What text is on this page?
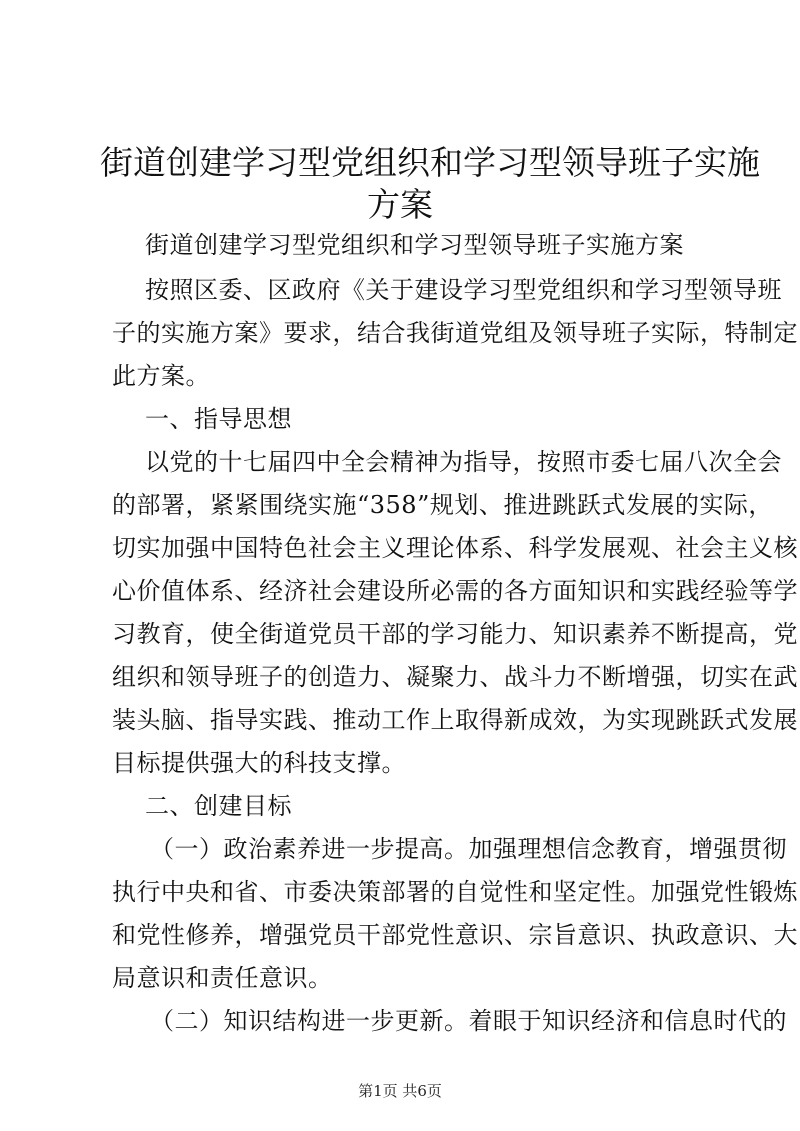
街道创建学习型党组织和学习型领导班子实施
方案
街道创建学习型党组织和学习型领导班子实施方案
按照区委、区政府《关于建设学习型党组织和学习型领导班
子的实施方案》要求，结合我街道党组及领导班子实际，特制定
此方案。
一、指导思想
以党的十七届四中全会精神为指导，按照市委七届八次全会
的部署，紧紧围绕实施“358”规划、推进跳跃式发展的实际，
切实加强中国特色社会主义理论体系、科学发展观、社会主义核
心价值体系、经济社会建设所必需的各方面知识和实践经验等学
习教育，使全街道党员干部的学习能力、知识素养不断提高，党
组织和领导班子的创造力、凝聚力、战斗力不断增强，切实在武
装头脑、指导实践、推动工作上取得新成效，为实现跳跃式发展
目标提供强大的科技支撑。
二、创建目标
（一）政治素养进一步提高。加强理想信念教育，增强贯彻
执行中央和省、市委决策部署的自觉性和坚定性。加强党性锻炼
和党性修养，增强党员干部党性意识、宗旨意识、执政意识、大
局意识和责任意识。
（二）知识结构进一步更新。着眼于知识经济和信息时代的
第1页 共6页
